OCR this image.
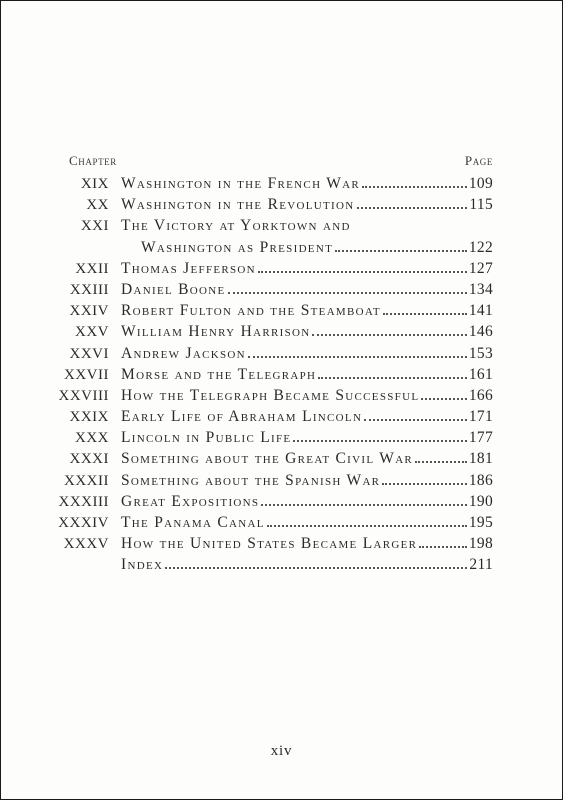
Chapter	Page
XIX Washington in the French War	109
XX Washington in the Revolution	115
XXI The Victory at Yorktown and
Washington as President	122
XXII Thomas Jefferson	127
XXIII Daniel Boone	134
XXIV Robert Fulton and the Steamboat	141
XXV William Henry Harrison	146
XXVI Andrew Jackson	153
XXVII Morse and the Telegraph	161
XXVIII How the Telegraph Became Successful	166
XXIX Early Life of Abraham Lincoln	171
XXX Lincoln in Public Life	177
XXXI Something about the Great Civil War	181
XXXII Something about the Spanish War	186
XXXIII Great Expositions	190
XXXIV The Panama Canal	195
XXXV How the United States Became Larger	198
Index	211
xiv
